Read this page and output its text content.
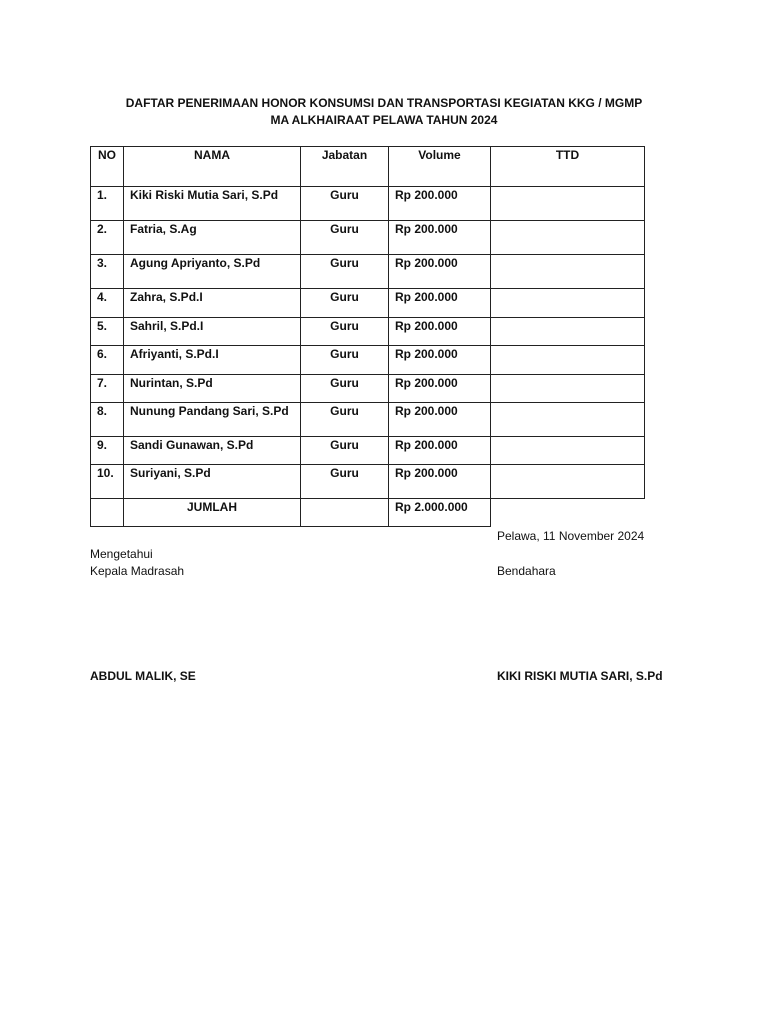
DAFTAR PENERIMAAN HONOR KONSUMSI DAN TRANSPORTASI KEGIATAN KKG / MGMP
MA ALKHAIRAAT PELAWA TAHUN 2024
NO	NAMA	Jabatan	Volume	TTD
1.	Kiki Riski Mutia Sari, S.Pd	Guru	Rp 200.000	
2.	Fatria, S.Ag	Guru	Rp 200.000	
3.	Agung Apriyanto, S.Pd	Guru	Rp 200.000	
4.	Zahra, S.Pd.I	Guru	Rp 200.000	
5.	Sahril, S.Pd.I	Guru	Rp 200.000	
6.	Afriyanti, S.Pd.I	Guru	Rp 200.000	
7.	Nurintan, S.Pd	Guru	Rp 200.000	
8.	Nunung Pandang Sari, S.Pd	Guru	Rp 200.000	
9.	Sandi Gunawan, S.Pd	Guru	Rp 200.000	
10.	Suriyani, S.Pd	Guru	Rp 200.000	
	JUMLAH		Rp 2.000.000	
Pelawa, 11 November 2024
Mengetahui
Kepala Madrasah	Bendahara
ABDUL MALIK, SE	KIKI RISKI MUTIA SARI, S.Pd
